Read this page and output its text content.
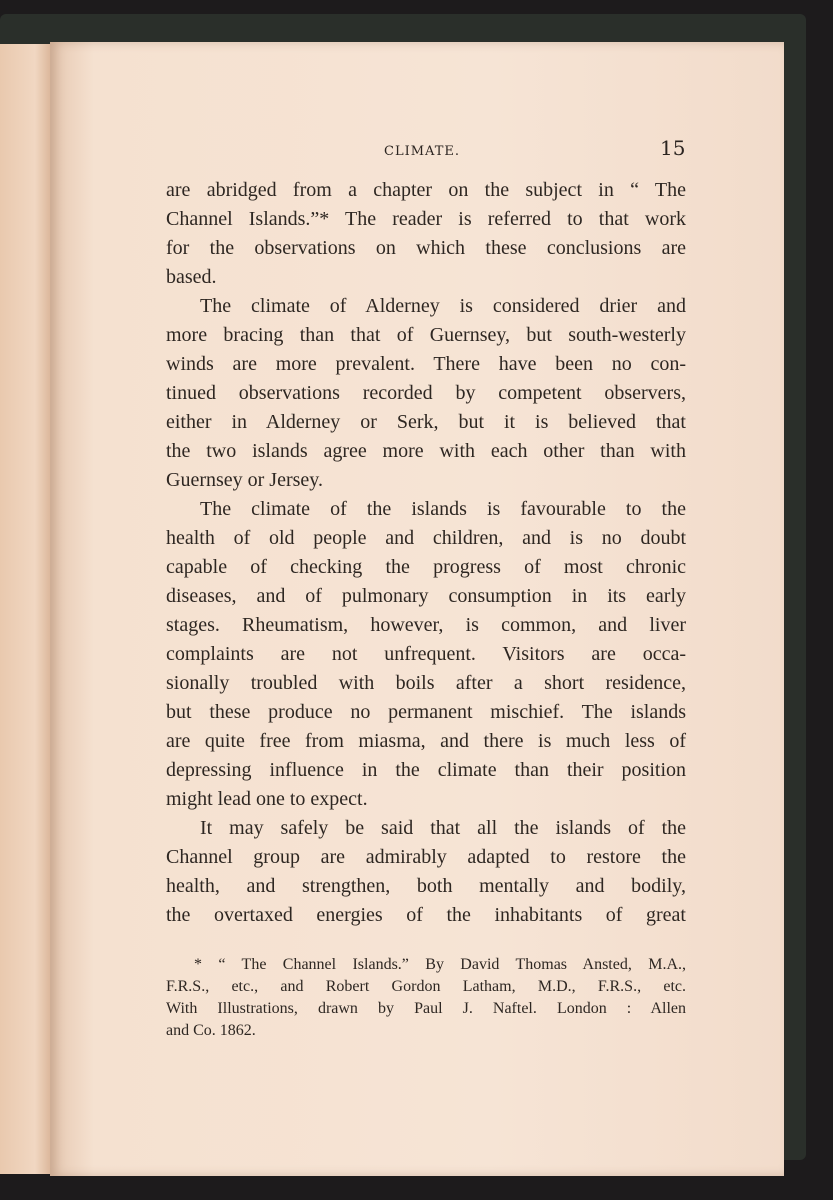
CLIMATE.	15
are abridged from a chapter on the subject in “ The
Channel Islands.”* The reader is referred to that work
for the observations on which these conclusions are
based.
The climate of Alderney is considered drier and
more bracing than that of Guernsey, but south-westerly
winds are more prevalent. There have been no con-
tinued observations recorded by competent observers,
either in Alderney or Serk, but it is believed that
the two islands agree more with each other than with
Guernsey or Jersey.
The climate of the islands is favourable to the
health of old people and children, and is no doubt
capable of checking the progress of most chronic
diseases, and of pulmonary consumption in its early
stages. Rheumatism, however, is common, and liver
complaints are not unfrequent. Visitors are occa-
sionally troubled with boils after a short residence,
but these produce no permanent mischief. The islands
are quite free from miasma, and there is much less of
depressing influence in the climate than their position
might lead one to expect.
It may safely be said that all the islands of the
Channel group are admirably adapted to restore the
health, and strengthen, both mentally and bodily,
the overtaxed energies of the inhabitants of great
* “ The Channel Islands.” By David Thomas Ansted, M.A.,
F.R.S., etc., and Robert Gordon Latham, M.D., F.R.S., etc.
With Illustrations, drawn by Paul J. Naftel. London : Allen
and Co. 1862.
